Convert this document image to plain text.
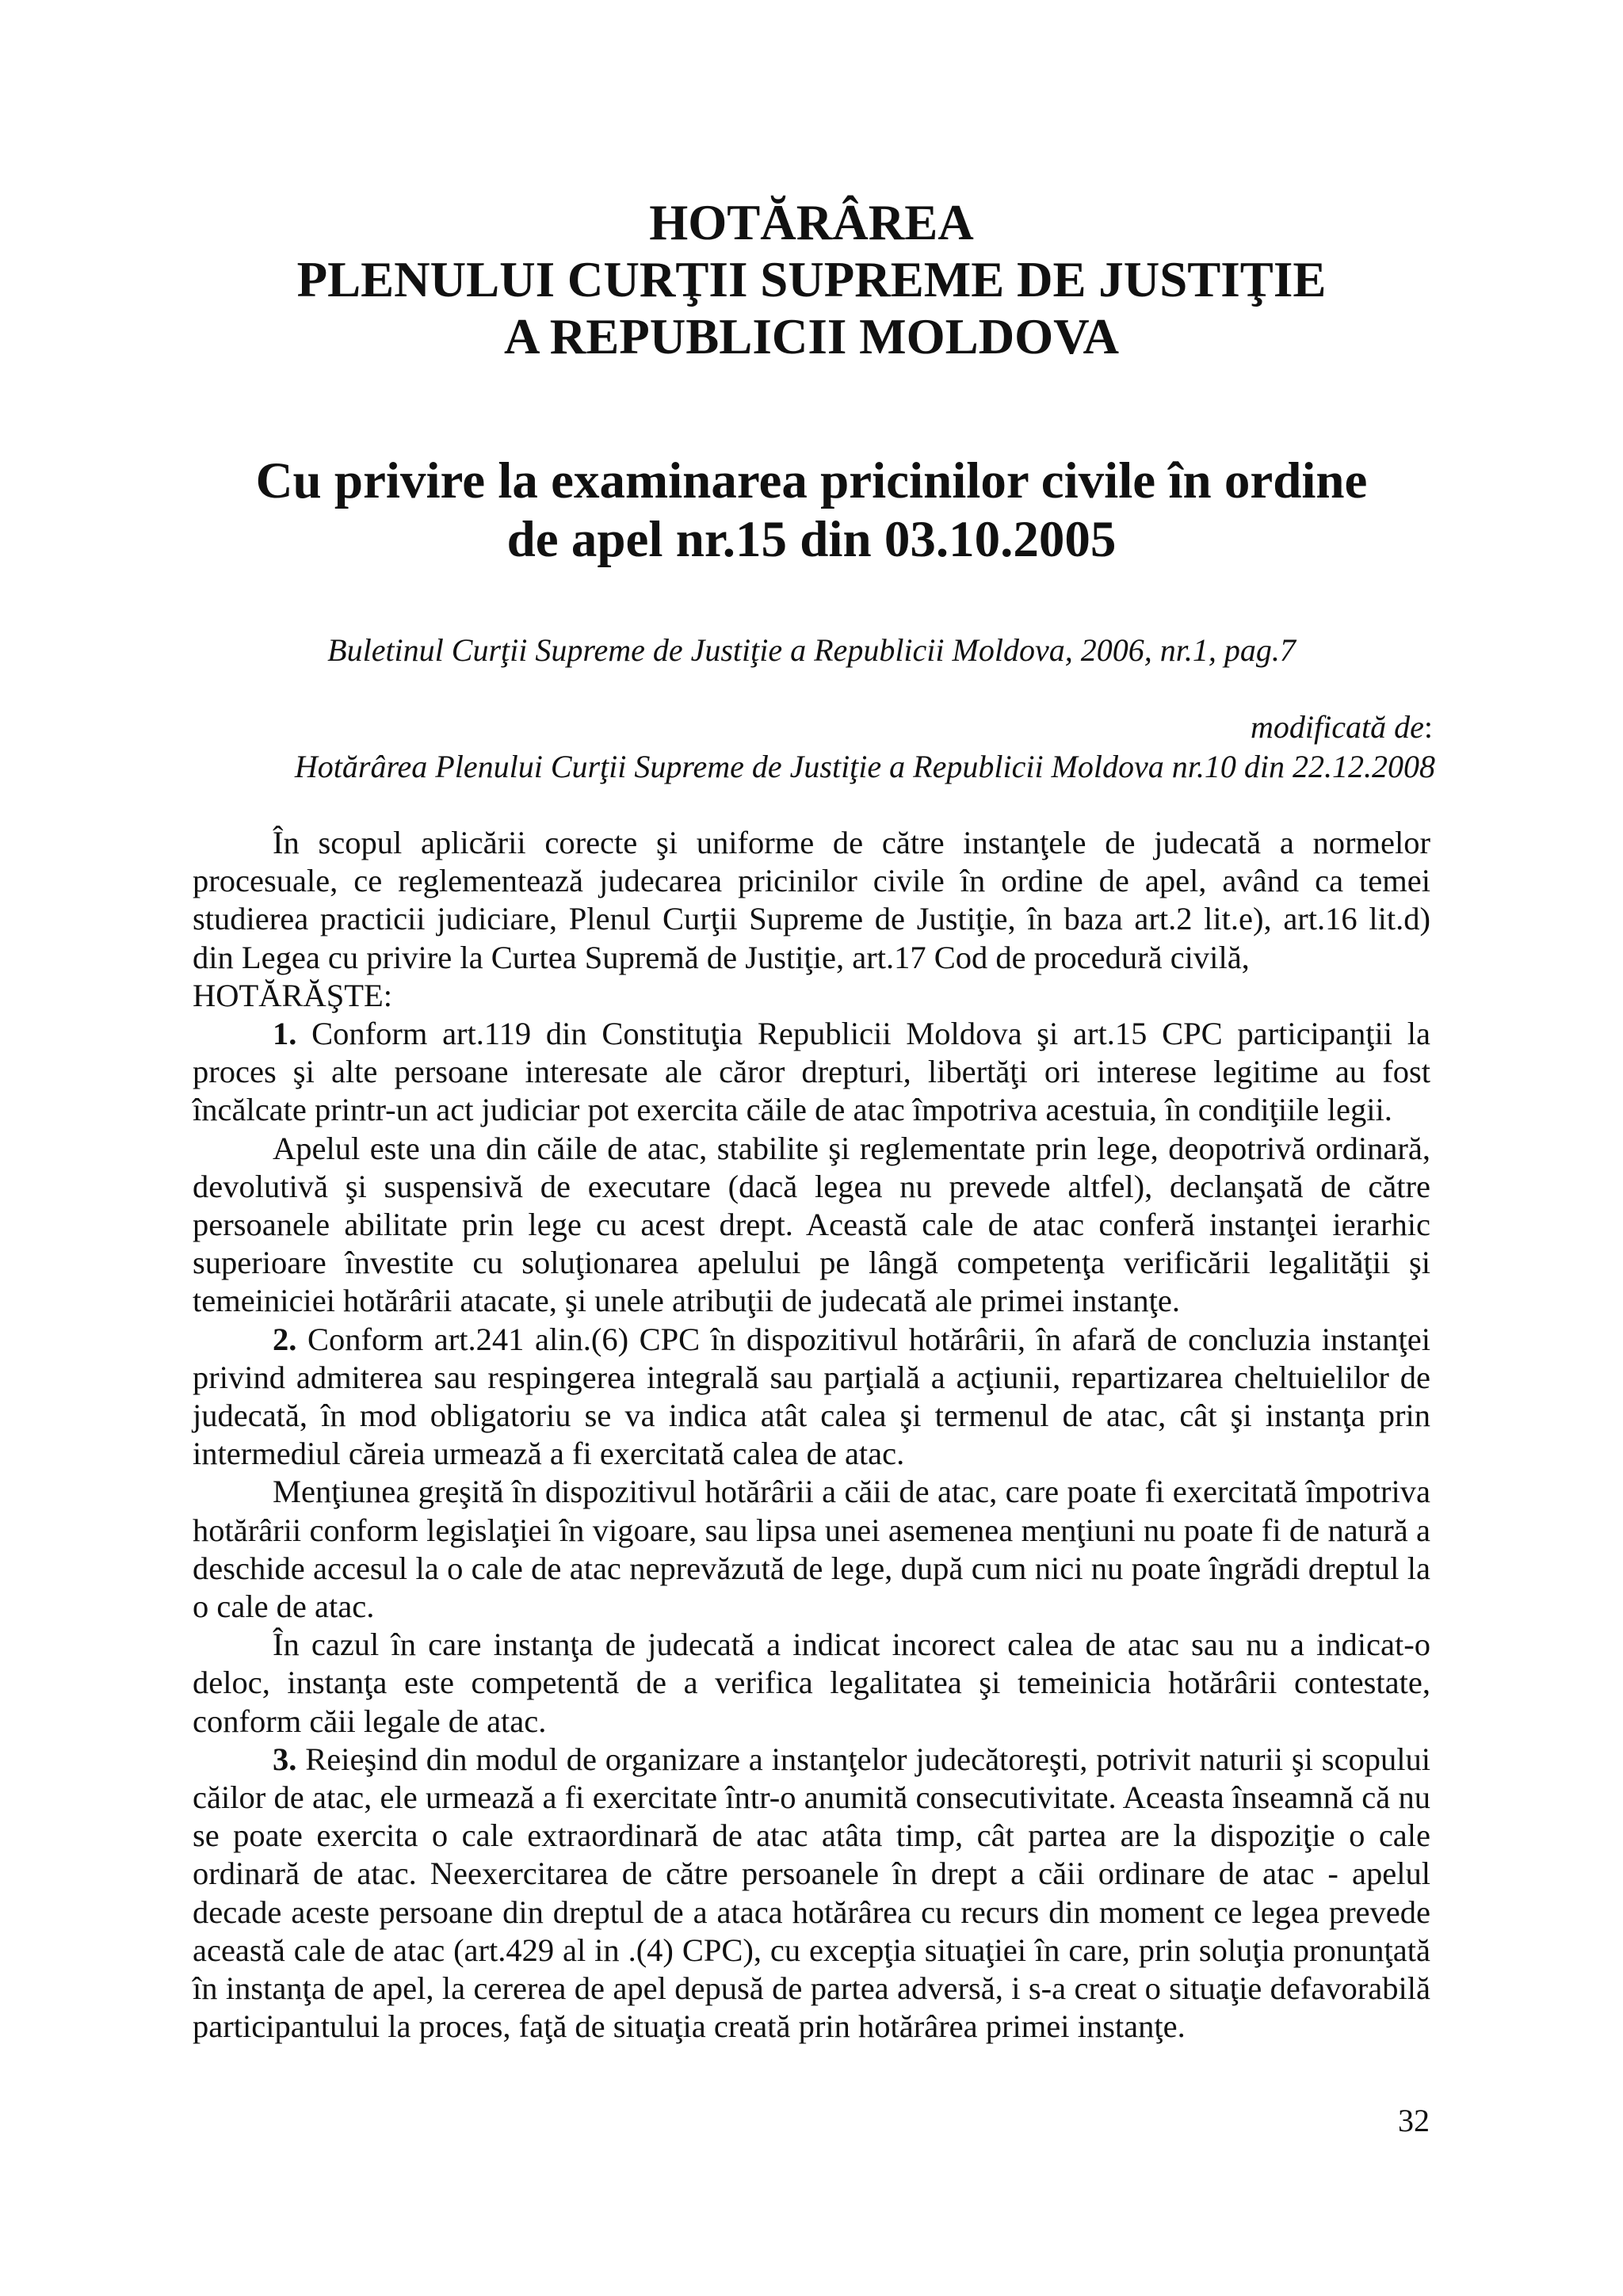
HOTĂRÂREA
PLENULUI CURŢII SUPREME DE JUSTIŢIE
A REPUBLICII MOLDOVA
Cu privire la examinarea pricinilor civile în ordine
de apel nr.15 din 03.10.2005
Buletinul Curţii Supreme de Justiţie a Republicii Moldova, 2006, nr.1, pag.7
modificată de:
Hotărârea Plenului Curţii Supreme de Justiţie a Republicii Moldova nr.10 din 22.12.2008

În scopul aplicării corecte şi uniforme de către instanţele de judecată a normelor procesuale, ce reglementează judecarea pricinilor civile în ordine de apel, având ca temei studierea practicii judiciare, Plenul Curţii Supreme de Justiţie, în baza art.2 lit.e), art.16 lit.d) din Legea cu privire la Curtea Supremă de Justiţie, art.17 Cod de procedură civilă,

HOTĂRĂŞTE:

1. Conform art.119 din Constituţia Republicii Moldova şi art.15 CPC participanţii la proces şi alte persoane interesate ale căror drepturi, libertăţi ori interese legitime au fost încălcate printr-un act judiciar pot exercita căile de atac împotriva acestuia, în condiţiile legii.

Apelul este una din căile de atac, stabilite şi reglementate prin lege, deopotrivă ordinară, devolutivă şi suspensivă de executare (dacă legea nu prevede altfel), declanşată de către persoanele abilitate prin lege cu acest drept. Această cale de atac conferă instanţei ierarhic superioare învestite cu soluţionarea apelului pe lângă competenţa verificării legalităţii şi temeiniciei hotărârii atacate, şi unele atribuţii de judecată ale primei instanţe.

2. Conform art.241 alin.(6) CPC în dispozitivul hotărârii, în afară de concluzia instanţei privind admiterea sau respingerea integrală sau parţială a acţiunii, repartizarea cheltuielilor de judecată, în mod obligatoriu se va indica atât calea şi termenul de atac, cât şi instanţa prin intermediul căreia urmează a fi exercitată calea de atac.

Menţiunea greşită în dispozitivul hotărârii a căii de atac, care poate fi exercitată împotriva hotărârii conform legislaţiei în vigoare, sau lipsa unei asemenea menţiuni nu poate fi de natură a deschide accesul la o cale de atac neprevăzută de lege, după cum nici nu poate îngrădi dreptul la o cale de atac.

În cazul în care instanţa de judecată a indicat incorect calea de atac sau nu a indicat-o deloc, instanţa este competentă de a verifica legalitatea şi temeinicia hotărârii contestate, conform căii legale de atac.

3. Reieşind din modul de organizare a instanţelor judecătoreşti, potrivit naturii şi scopului căilor de atac, ele urmează a fi exercitate într-o anumită consecutivitate. Aceasta înseamnă că nu se poate exercita o cale extraordinară de atac atâta timp, cât partea are la dispoziţie o cale ordinară de atac. Neexercitarea de către persoanele în drept a căii ordinare de atac - apelul decade aceste persoane din dreptul de a ataca hotărârea cu recurs din moment ce legea prevede această cale de atac (art.429 al in .(4) CPC), cu excepţia situaţiei în care, prin soluţia pronunţată în instanţa de apel, la cererea de apel depusă de partea adversă, i s-a creat o situaţie defavorabilă participantului la proces, faţă de situaţia creată prin hotărârea primei instanţe.

32
